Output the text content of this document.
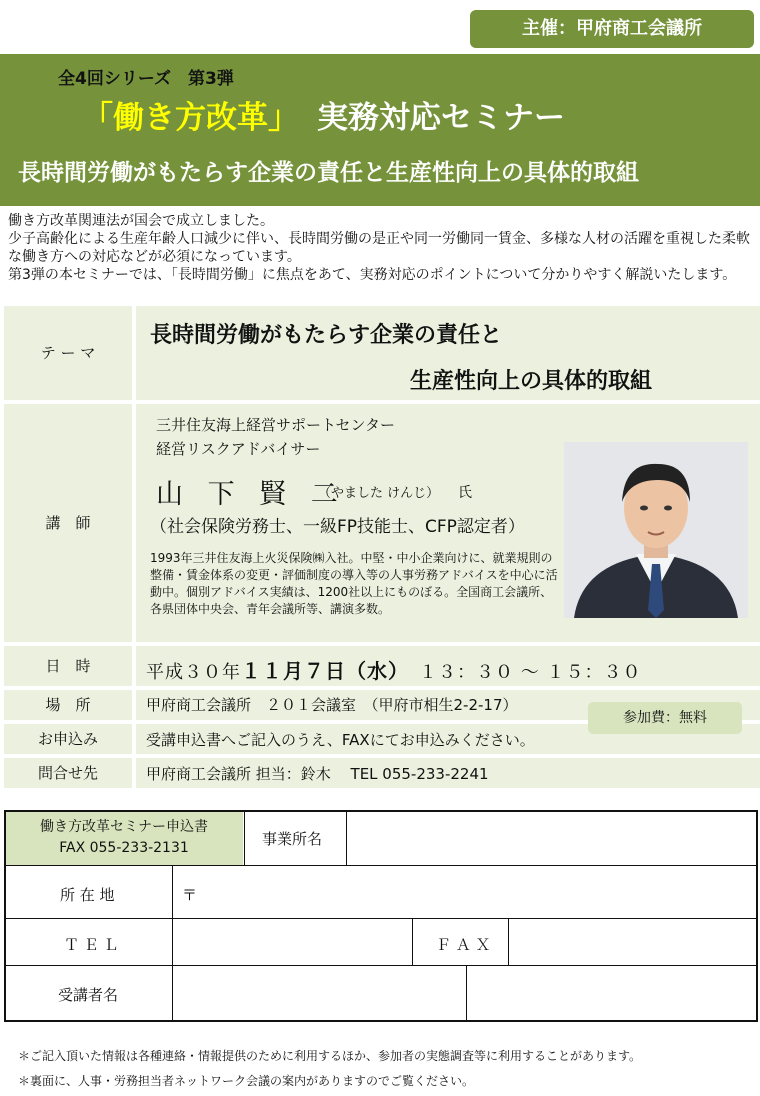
主催：甲府商工会議所
全4回シリーズ　第3弾
「働き方改革」 実務対応セミナー
長時間労働がもたらす企業の責任と生産性向上の具体的取組

働き方改革関連法が国会で成立しました。

少子高齢化による生産年齢人口減少に伴い、長時間労働の是正や同一労働同一賃金、多様な人材の活躍を重視した柔軟な働き方への対応などが必須になっています。

第3弾の本セミナーでは、「長時間労働」に焦点をあて、実務対応のポイントについて分かりやすく解説いたします。

テ ー マ
長時間労働がもたらす企業の責任と
生産性向上の具体的取組
講　師
三井住友海上経営サポートセンター
経営リスクアドバイサー
山 下 賢 二
（やました けんじ） 氏
（社会保険労務士、一級FP技能士、CFP認定者）
1993年三井住友海上火災保険㈱入社。中堅・中小企業向けに、就業規則の整備・賃金体系の変更・評価制度の導入等の人事労務アドバイスを中心に活動中。個別アドバイス実績は、1200社以上にものぼる。全国商工会議所、各県団体中央会、青年会議所等、講演多数。
日　時	平成３０年１１月７日（水） １３：３０ ～ １５：３０
場　所	甲府商工会議所　２０１会議室　（甲府市相生2-2-17）
お申込み	受講申込書へご記入のうえ、FAXにてお申込みください。
参加費：無料
問合せ先	甲府商工会議所 担当：鈴木　 TEL 055-233-2241
働き方改革セミナー申込書
FAX 055-233-2131	事業所名
所 在 地	〒
Ｔ Ｅ Ｌ	Ｆ Ａ Ｘ
受講者名

＊ご記入頂いた情報は各種連絡・情報提供のために利用するほか、参加者の実態調査等に利用することがあります。

＊裏面に、人事・労務担当者ネットワーク会議の案内がありますのでご覧ください。
